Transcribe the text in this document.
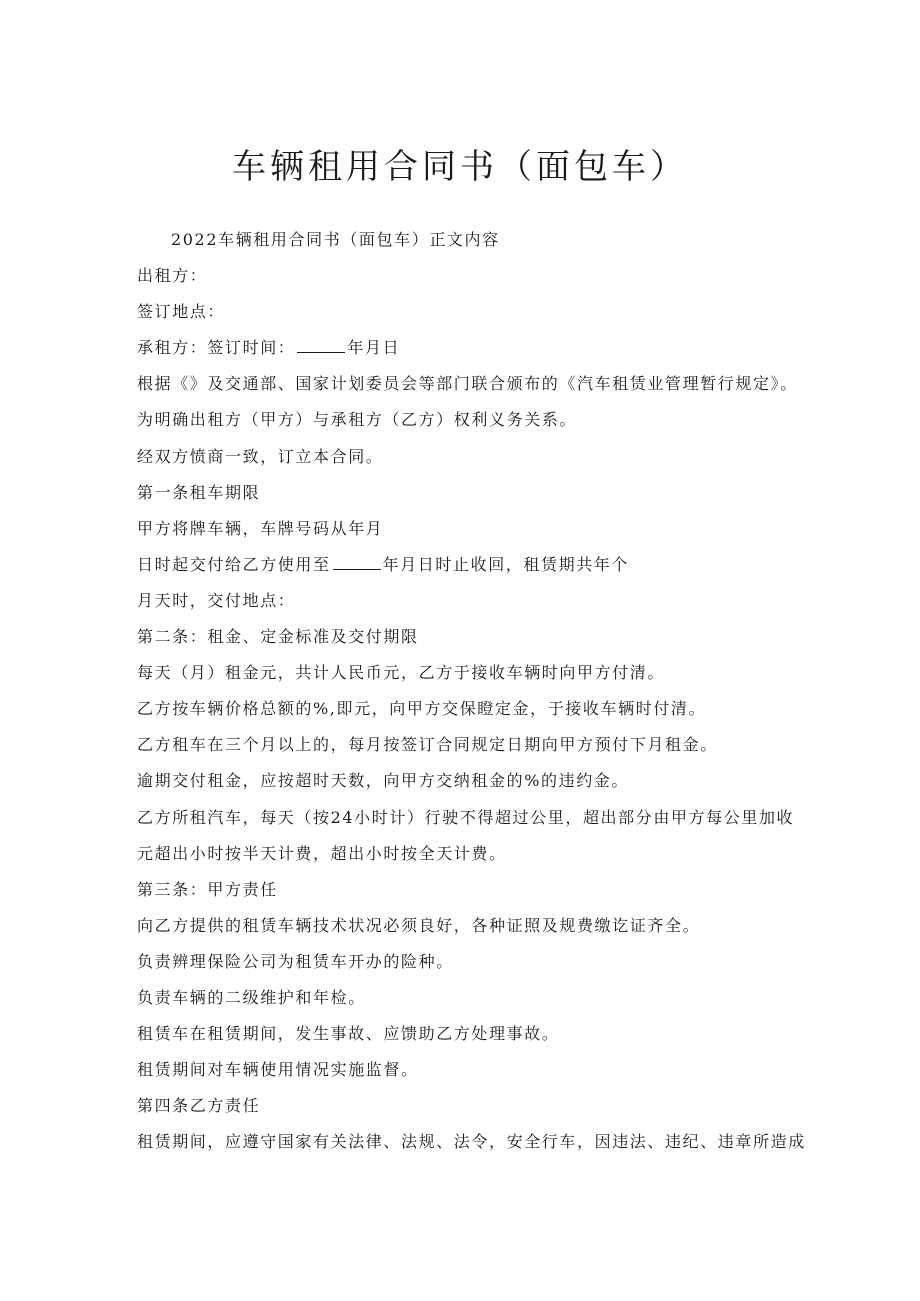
车辆租用合同书（面包车）
2022车辆租用合同书（面包车）正文内容
出租方：
签订地点：
承租方：签订时间：	年月日
根据《》及交通部、国家计划委员会等部门联合颁布的《汽车租赁业管理暂行规定》。
为明确出租方（甲方）与承租方（乙方）权利义务关系。
经双方愤商一致，订立本合同。
第一条租车期限
甲方将牌车辆，车牌号码从年月
日时起交付给乙方使用至	年月日时止收回，租赁期共年个
月天时，交付地点：
第二条：租金、定金标准及交付期限
每天（月）租金元，共计人民币元，乙方于接收车辆时向甲方付清。
乙方按车辆价格总额的%,即元，向甲方交保瞪定金，于接收车辆时付清。
乙方租车在三个月以上的，每月按签订合同规定日期向甲方预付下月租金。
逾期交付租金，应按超时天数，向甲方交纳租金的%的违约金。
乙方所租汽车，每天（按24小时计）行驶不得超过公里，超出部分由甲方每公里加收
元超出小时按半天计费，超出小时按全天计费。
第三条：甲方责任
向乙方提供的租赁车辆技术状况必须良好，各种证照及规费缴讫证齐全。
负责辨理保险公司为租赁车开办的险种。
负责车辆的二级维护和年检。
租赁车在租赁期间，发生事故、应馈助乙方处理事故。
租赁期间对车辆使用情况实施监督。
第四条乙方责任
租赁期间，应遵守国家有关法律、法规、法令，安全行车，因违法、违纪、违章所造成
